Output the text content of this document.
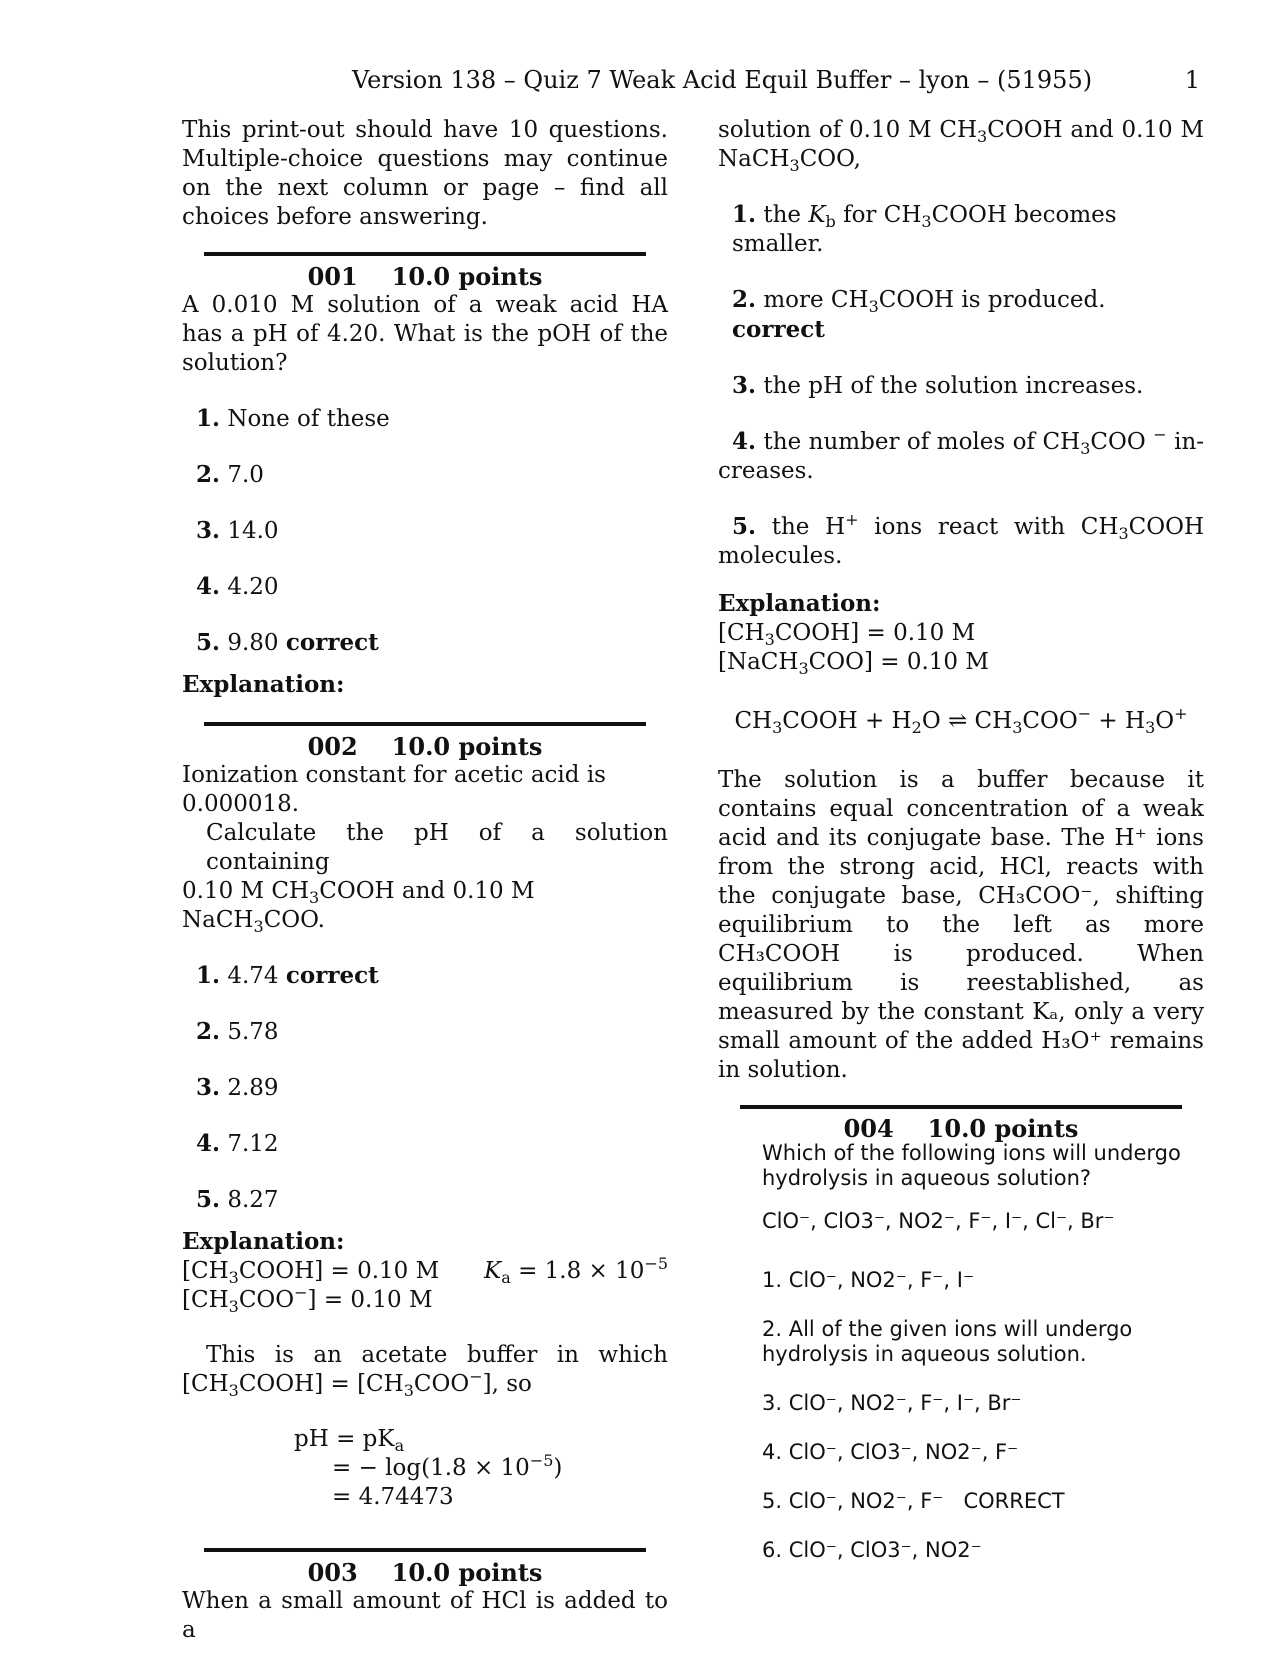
Version 138 – Quiz 7 Weak Acid Equil Buffer – lyon – (51955)	1

This print-out should have 10 questions. Multiple-choice questions may continue on the next column or page – find all choices before answering.

001 10.0 points

A 0.010 M solution of a weak acid HA has a pH of 4.20. What is the pOH of the solution?

1. None of these
2. 7.0
3. 14.0
4. 4.20
5. 9.80 correct
Explanation:
002 10.0 points

Ionization constant for acetic acid is 0.000018.
Calculate the pH of a solution containing
0.10 M $CH_3COOH$ and 0.10 M NaCH$_3$COO.

1. 4.74 correct
2. 5.78
3. 2.89
4. 7.12
5. 8.27
Explanation:
$[CH_3COOH] = 0.10$ M
$[CH_3COO^-] = 0.10$ M
$K_a = 1.8 \times 10^{-5}$

This is an acetate buffer in which
$[CH_3COOH] = [CH_3COO^-]$, so

pH = $pK_a$
= − $\log(1.8 \times 10^{-5})$
= 4.74473
003 10.0 points

When a small amount of HCl is added to a

solution of 0.10 M $CH_3COOH$ and 0.10 M
NaCH$_3$COO,

1. the $K_b$ for $CH_3COOH$ becomes smaller.
2. more $CH_3COOH$ is produced. correct
3. the pH of the solution increases.
4. the number of moles of $CH_3COO$ − in-
creases.
5. the H+ ions react with $CH_3COOH$
molecules.
Explanation:
$[CH_3COOH] = 0.10$ M
[NaCH$_3$COO] = 0.10 M
$CH_3COOH + H_2O$ ⇌ $CH_3COO^- + H_3O^+$

The solution is a buffer because it contains equal concentration of a weak acid and its conjugate base. The H⁺ ions from the strong acid, HCl, reacts with the conjugate base, CH₃COO⁻, shifting equilibrium to the left as more CH₃COOH is produced. When equilibrium is reestablished, as measured by the constant Kₐ, only a very small amount of the added H₃O⁺ remains in solution.

004 10.0 points
Which of the following ions will undergo hydrolysis in aqueous solution?
ClO⁻, ClO3⁻, NO2⁻, F⁻, I⁻, Cl⁻, Br⁻
1. ClO⁻, NO2⁻, F⁻, I⁻
2. All of the given ions will undergo hydrolysis in aqueous solution.
3. ClO⁻, NO2⁻, F⁻, I⁻, Br⁻
4. ClO⁻, ClO3⁻, NO2⁻, F⁻
5. ClO⁻, NO2⁻, F⁻ CORRECT
6. ClO⁻, ClO3⁻, NO2⁻
